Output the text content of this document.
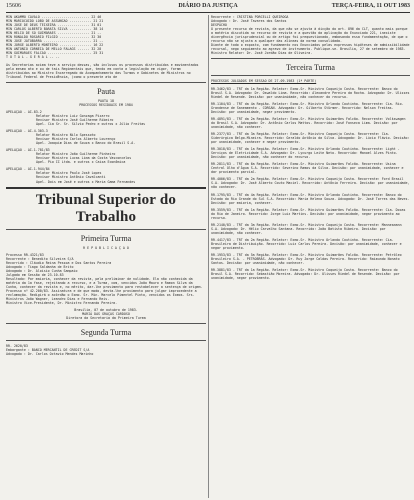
15606	DIÁRIO DA JUSTIÇA	TERÇA-FEIRA, 11 OUT 1983

MIN AKAMMO CAVALO ........................ 22 46

MIN MARIOCUIDO LOBO DE ASSUNCAO ........... 21 21

MIN JOSE DE DEUS TEIXEIRA ................ 31 01

MIN CARLOS ALBERTO BARATA SILVA ........... 38 14

MIN HELIO DE SO GUIMARAES ................ 21 --

MIN RONALDO ROSARIO FILGIO ............... 32 30

MIN JOSE JATOBARRA ........................ 21 --

MIN JORGE ALBERTO MONTEIRO ................ 16 22

MIN ANTONIO CORNEIA DE MELLO FALAGS ...... 32 28

MIN GUIMARAES FALCAO ...................... 25 31

T O T A L - G E R A L -- --

As Secretarias acima teve a serviço dessas, são inclusos os processos distribuídos e movimentados pelo mesmo ato e ou de tais Regimentais que, tendo em conta a legislação em vigor, foram distribuídos ao Ministro Encarregado do Acompanhamento das Turmas e Gabinetes de Ministros no Tribunal Federal de Presidência, (como o presente ato de

Pauta

PAUTA 18

PROCESSOS RESIDUAIS EM 1984

APELAÇÃO - AI-83-2

Relator Ministro Luiz Gonzaga Pizarro

Revisor Ministro José Guilherme Ribeiro

Apel. Cia Sr. Sr. Sílvio Pedro e outros x Júlio Freitas

APELAÇÃO - AI-4.303-3

Relator Ministro Nilo Spessoto

Revisor Ministro Carlos Alberto Lourenço

Apel. Joaquim Dias de Souza x Banco do Brasil S.A.

APELAÇÃO - AI-1.781/83

Relator Ministro João Guilherme Pinheiro

Revisor Ministro Lucas Lima da Costa Vasconcelos

Apel. Pio II Ltda. e outros x Caixa Econômica

APELAÇÃO - AI-1.944/84

Relator Ministro Paulo José Lopes

Revisor Ministro Antônio Cavalcanti

Apel. Dois em José e outros x Maria Gama Fernandes

Tribunal Superior do Trabalho
Primeira Turma

R E P U B L I C A Ç Ã O

Processo RR-4321/83

Recorrente : Benedito Silveira S/A

Recorrido : Cláudio Reina Pessoa e Dos Santos Pereira

Advogado : Tiago Saldanha de Brito

Advogado : Dr. Aloisio Cunha Sampaio

Julgado em Sessão de 23.10.83

Resultado: Por maioria, conhecer da revista, pela preliminar de nulidade. Ela não conhecida da matéria da 1a fase, rejeitando a recurso, e a Turma, com, vencidos João Mauro e Ramon Silva da Cunha, conhecer da revista e, no mérito, dar-lhe provimento para restabelecer a sentença de origem. Processo nº 42.200/83. Assinatura e de que modo, desta-lhe provimento para julgar improcedente a reclamação. Redigirá o acórdão o Exmo. Sr. Min. Marcelo Pimentel Pinto, vencidos os Exmos. Srs. Ministros João Wagner, Leandro Dias e Fernando Reis.

Ministro Vice-Presidente, Dr. Ministro Fernando Pereira.

Brasília, 07 de outubro de 1983.

MARIA DAS GRAÇAS CARDOSO

Diretora da Secretaria da Primeira Turma

Segunda Turma

RR- 2620/83

Embargante : BANCO MERCANTIL DE CREDIT S/A

Advogado : Dr. Carlos Octavio Mendes Marinho

Recorrente : CRISTINA PORCELLI QUEIROGA

Advogado : Dr. José Tavares dos Santos

DESPACHO

O presente recurso de revista, da que não se ajusta à dicção do art. 896 da CLT, quanto mais porque a matéria discutida no recurso de revista e a questão da aplicação do Enunciado 221, inexiste divergência jurisprudencial ou de artigo foi prequestionado, embasando essa fundamentação, de que o recurso não se ajusta a qualquer das alíneas da norma consolidada.

Diante de todo o exposto, com fundamento nos Enunciados pelas expressas hipóteses de admissibilidade recursal, nego seguimento ao agravo de instrumento. Publique-se. Brasília, 27 de setembro de 1983. Ministro Relator: Dr. José Jordão Dias de Oliveira.

Terceira Turma

PROCESSOS JULGADOS EM SESSÃO DE 27.09.1983 (1ª PARTE)

RR-3462/83 - TRT da 1a Região. Relator: Exmo.Sr. Ministro Coqueijo Costa. Recorrente: Banco do Brasil S.A. Advogado: Dr. Oswaldo Lima. Recorrido: Alexandre Pereira da Rocha. Advogado: Dr. Ulisses Riedel de Resende. Decisão: por unanimidade, não conhecer do recurso.

RR-1104/83 - TRT da 4a Região. Relator: Exmo.Sr. Ministro Orlando Coutinho. Recorrente: Cia. Rio-Grandense de Saneamento - CORSAN. Advogado: Dr. Gilberto Stürmer. Recorrido: Nelson Freitas. Decisão: por unanimidade, negar provimento.

RR-4891/83 - TRT da 2a Região. Relator: Exmo.Sr. Ministro Guimarães Falcão. Recorrente: Volkswagen do Brasil S.A. Advogado: Dr. Antônio Carlos Mattos. Recorrido: José Fonseca Lima. Decisão: por unanimidade, não conhecer.

RR-2377/83 - TRT da 3a Região. Relator: Exmo.Sr. Ministro Coqueijo Costa. Recorrente: Cia. Siderúrgica Belgo-Mineira. Recorrido: Geraldo Antônio da Silva. Advogado: Dr. Lúcio Flávio. Decisão: por unanimidade, conhecer e negar provimento.

RR-3018/83 - TRT da 1a Região. Relator: Exmo.Sr. Ministro Orlando Coutinho. Recorrente: Light - Serviços de Eletricidade S.A. Advogado: Dr. Lycurgo Leite Neto. Recorrido: Manoel Alves Pinto. Decisão: por unanimidade, não conhecer do recurso.

RR-2811/83 - TRT da 6a Região. Relator: Exmo.Sr. Ministro Guimarães Falcão. Recorrente: Usina Central Olho d'Água S.A. Recorrido: Severino Ramos da Silva. Decisão: por unanimidade, conhecer e dar provimento parcial.

RR-4006/83 - TRT da 2a Região. Relator: Exmo.Sr. Ministro Coqueijo Costa. Recorrente: Ford Brasil S.A. Advogado: Dr. José Alberto Couto Maciel. Recorrido: Antônio Ferreira. Decisão: por unanimidade, não conhecer.

RR-1795/83 - TRT da 4a Região. Relator: Exmo.Sr. Ministro Orlando Coutinho. Recorrente: Banco do Estado do Rio Grande do Sul S.A. Recorrido: Maria Helena Souza. Advogado: Dr. José Torres das Neves. Decisão: por maioria, conhecer.

RR-3559/83 - TRT da 1a Região. Relator: Exmo.Sr. Ministro Guimarães Falcão. Recorrente: Cia. Docas do Rio de Janeiro. Recorrido: Jorge Luiz Martins. Decisão: por unanimidade, negar provimento ao recurso.

RR-2140/83 - TRT da 3a Região. Relator: Exmo.Sr. Ministro Coqueijo Costa. Recorrente: Mannesmann S.A. Advogado: Dr. Hélio Carvalho Santana. Recorrido: João Batista Ribeiro. Decisão: por unanimidade, não conhecer.

RR-4417/83 - TRT da 2a Região. Relator: Exmo.Sr. Ministro Orlando Coutinho. Recorrente: Cia. Brasileira de Distribuição. Recorrido: Luiz Carlos Pereira. Decisão: por unanimidade, conhecer e negar provimento.

RR-1953/83 - TRT da 5a Região. Relator: Exmo.Sr. Ministro Guimarães Falcão. Recorrente: Petróleo Brasileiro S.A. - PETROBRÁS. Advogado: Dr. Ruy Jorge Caldas Pereira. Recorrido: Raimundo Nonato Santos. Decisão: por unanimidade, não conhecer.

RR-3881/83 - TRT da 1a Região. Relator: Exmo.Sr. Ministro Coqueijo Costa. Recorrente: Banco do Brasil S.A. Recorrido: Sebastião Moreira. Advogado: Dr. Ulisses Riedel de Resende. Decisão: por unanimidade, negar provimento.
